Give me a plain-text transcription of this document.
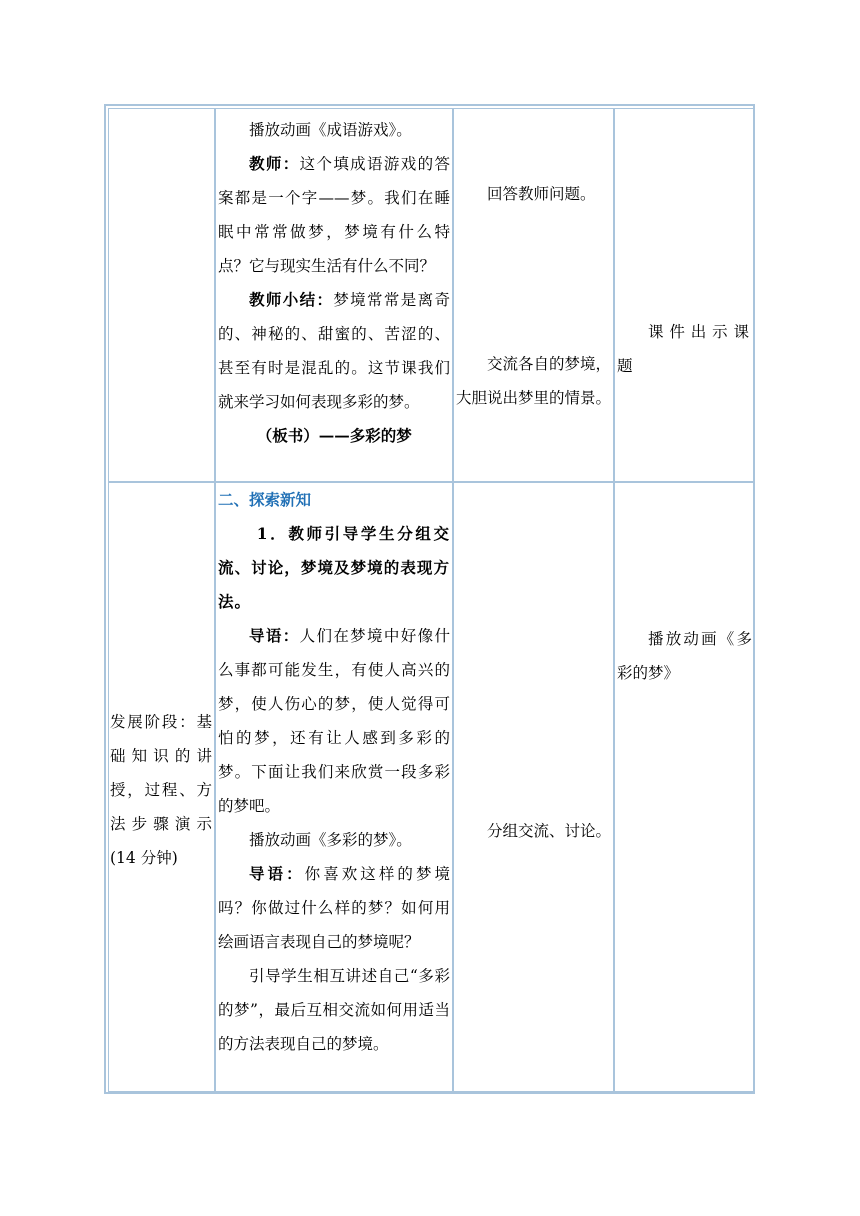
播放动画《成语游戏》。

教师：这个填成语游戏的答案都是一个字——梦。我们在睡眠中常常做梦，梦境有什么特点？它与现实生活有什么不同？

教师小结：梦境常常是离奇的、神秘的、甜蜜的、苦涩的、甚至有时是混乱的。这节课我们就来学习如何表现多彩的梦。

（板书）——多彩的梦

回答教师问题。

交流各自的梦境，大胆说出梦里的情景。

课件出示课题

发展阶段：基础知识的讲授，过程、方法步骤演示(14 分钟)

二、探索新知

1．教师引导学生分组交流、讨论，梦境及梦境的表现方法。

导语：人们在梦境中好像什么事都可能发生，有使人高兴的梦，使人伤心的梦，使人觉得可怕的梦，还有让人感到多彩的梦。下面让我们来欣赏一段多彩的梦吧。

播放动画《多彩的梦》。

导语：你喜欢这样的梦境吗？你做过什么样的梦？如何用绘画语言表现自己的梦境呢？

引导学生相互讲述自己“多彩的梦”，最后互相交流如何用适当的方法表现自己的梦境。

分组交流、讨论。

播放动画《多彩的梦》
